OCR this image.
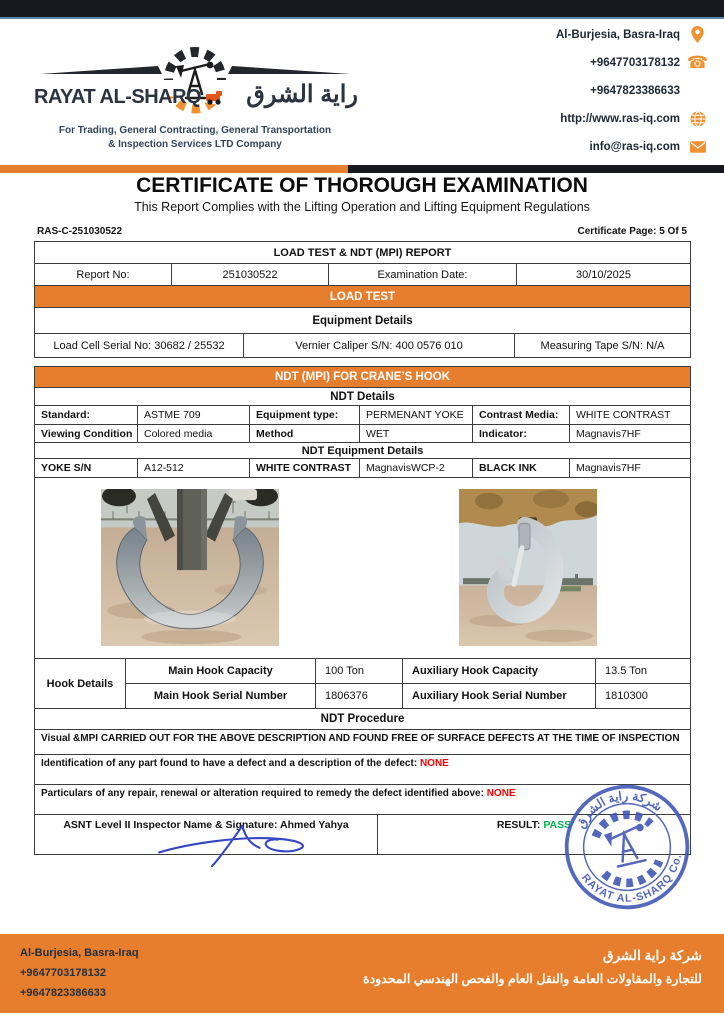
RAYAT AL-SHARQ راية الشرق
For Trading, General Contracting, General Transportation
& Inspection Services LTD Company
Al-Burjesia, Basra-Iraq
+9647703178132 ☎
+9647823386633
http://www.ras-iq.com
info@ras-iq.com
CERTIFICATE OF THOROUGH EXAMINATION
This Report Complies with the Lifting Operation and Lifting Equipment Regulations
RAS-C-251030522	Certificate Page: 5 Of 5
LOAD TEST & NDT (MPI) REPORT
Report No:	251030522	Examination Date:	30/10/2025
LOAD TEST
Equipment Details
Load Cell Serial No: 30682 / 25532	Vernier Caliper S/N: 400 0576 010	Measuring Tape S/N: N/A
NDT (MPI) FOR CRANE’S HOOK
NDT Details
Standard:	ASTME 709	Equipment type:	PERMENANT YOKE	Contrast Media:	WHITE CONTRAST
Viewing Condition	Colored media	Method	WET	Indicator:	Magnavis7HF
NDT Equipment Details
YOKE S/N	A12-512	WHITE CONTRAST	MagnavisWCP-2	BLACK INK	Magnavis7HF
Hook Details
Main Hook Capacity	100 Ton	Auxiliary Hook Capacity	13.5 Ton
Main Hook Serial Number	1806376	Auxiliary Hook Serial Number	1810300
NDT Procedure
Visual &MPI CARRIED OUT FOR THE ABOVE DESCRIPTION AND FOUND FREE OF SURFACE DEFECTS AT THE TIME OF INSPECTION
Identification of any part found to have a defect and a description of the defect:
NONE
Particulars of any repair, renewal or alteration required to remedy the defect identified above:
NONE
ASNT Level II Inspector Name & Signature: Ahmed Yahya	RESULT:
PASS شركة راية الشرق
RAYAT AL-SHARQ Co.
Al-Burjesia, Basra-Iraq
+9647703178132
+9647823386633
شركة راية الشرق
للتجارة والمقاولات العامة والنقل العام والفحص الهندسي المحدودة
